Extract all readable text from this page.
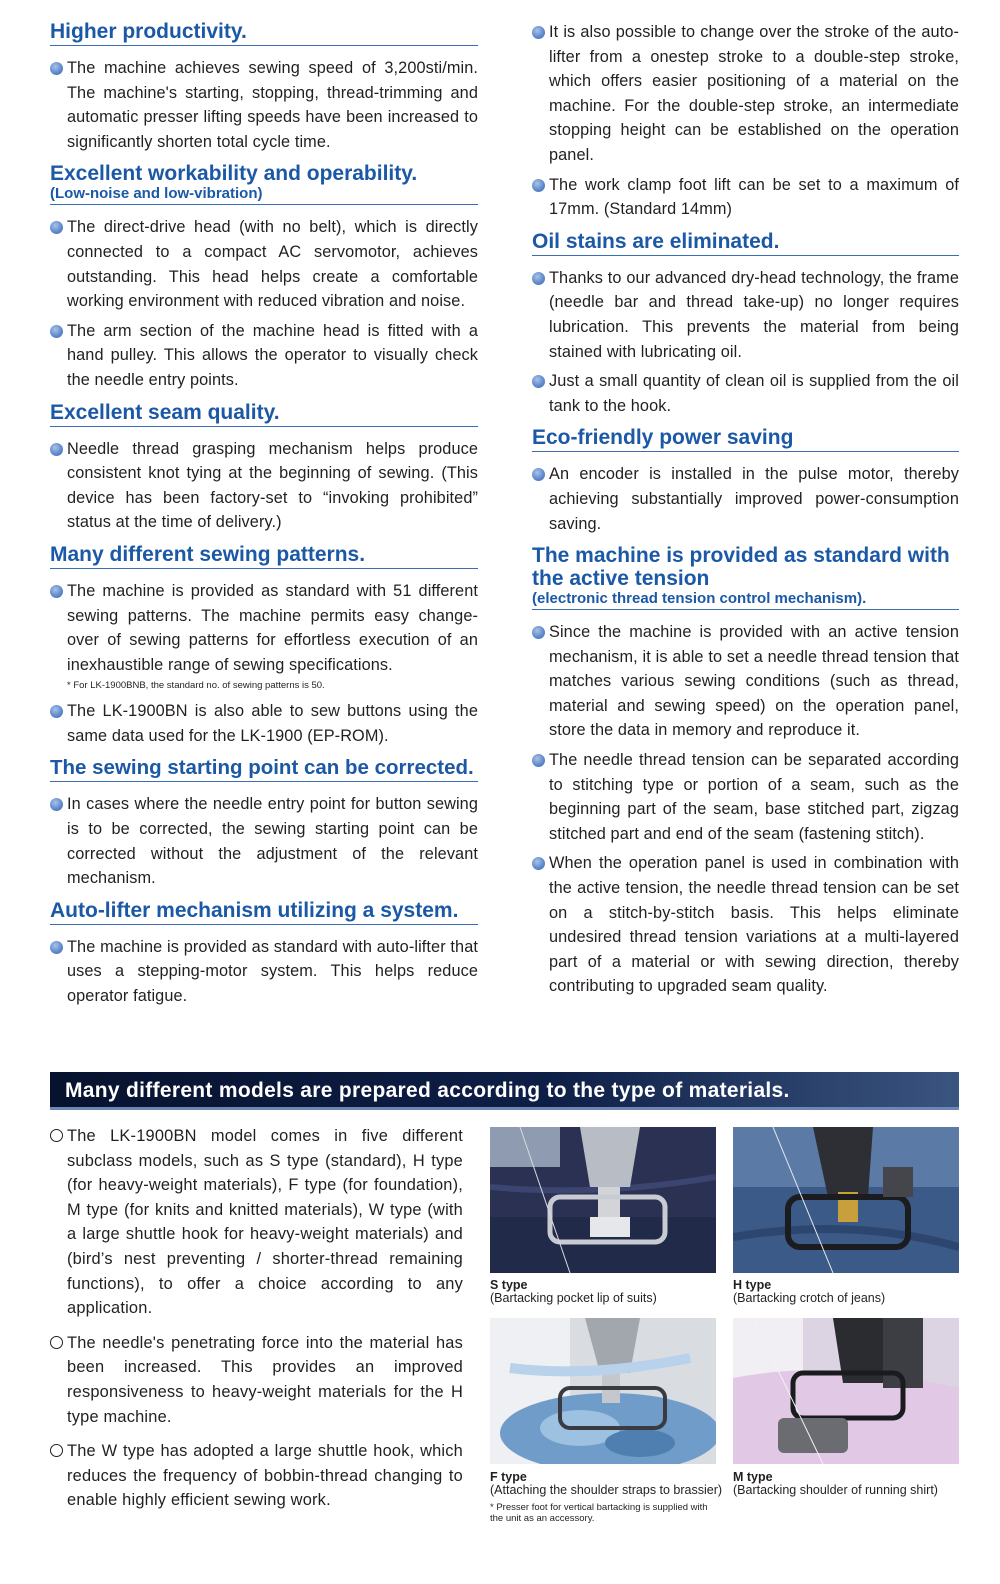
Higher productivity.
The machine achieves sewing speed of 3,200sti/min. The machine's starting, stopping, thread-trimming and automatic presser lifting speeds have been increased to significantly shorten total cycle time.
Excellent workability and operability.
(Low-noise and low-vibration)
The direct-drive head (with no belt), which is directly connected to a compact AC servomotor, achieves outstanding. This head helps create a comfortable working environment with reduced vibration and noise.
The arm section of the machine head is fitted with a hand pulley. This allows the operator to visually check the needle entry points.
Excellent seam quality.
Needle thread grasping mechanism helps produce consistent knot tying at the beginning of sewing. (This device has been factory-set to “invoking prohibited” status at the time of delivery.)
Many different sewing patterns.
The machine is provided as standard with 51 different sewing patterns. The machine permits easy change-over of sewing patterns for effortless execution of an inexhaustible range of sewing specifications.
* For LK-1900BNB, the standard no. of sewing patterns is 50.
The LK-1900BN is also able to sew buttons using the same data used for the LK-1900 (EP-ROM).
The sewing starting point can be corrected.
In cases where the needle entry point for button sewing is to be corrected, the sewing starting point can be corrected without the adjustment of the relevant mechanism.
Auto-lifter mechanism utilizing a system.
The machine is provided as standard with auto-lifter that uses a stepping-motor system. This helps reduce operator fatigue.
It is also possible to change over the stroke of the auto-lifter from a onestep stroke to a double-step stroke, which offers easier positioning of a material on the machine. For the double-step stroke, an intermediate stopping height can be established on the operation panel.
The work clamp foot lift can be set to a maximum of 17mm. (Standard 14mm)
Oil stains are eliminated.
Thanks to our advanced dry-head technology, the frame (needle bar and thread take-up) no longer requires lubrication. This prevents the material from being stained with lubricating oil.
Just a small quantity of clean oil is supplied from the oil tank to the hook.
Eco-friendly power saving
An encoder is installed in the pulse motor, thereby achieving substantially improved power-consumption saving.
The machine is provided as standard with the active tension
(electronic thread tension control mechanism).
Since the machine is provided with an active tension mechanism, it is able to set a needle thread tension that matches various sewing conditions (such as thread, material and sewing speed) on the operation panel, store the data in memory and reproduce it.
The needle thread tension can be separated according to stitching type or portion of a seam, such as the beginning part of the seam, base stitched part, zigzag stitched part and end of the seam (fastening stitch).
When the operation panel is used in combination with the active tension, the needle thread tension can be set on a stitch-by-stitch basis. This helps eliminate undesired thread tension variations at a multi-layered part of a material or with sewing direction, thereby contributing to upgraded seam quality.
Many different models are prepared according to the type of materials.
The LK-1900BN model comes in five different subclass models, such as S type (standard), H type (for heavy-weight materials), F type (for foundation), M type (for knits and knitted materials), W type (with a large shuttle hook for heavy-weight materials) and (bird’s nest preventing / shorter-thread remaining functions), to offer a choice according to any application.
The needle's penetrating force into the material has been increased. This provides an improved responsiveness to heavy-weight materials for the H type machine.
The W type has adopted a large shuttle hook, which reduces the frequency of bobbin-thread changing to enable highly efficient sewing work.
S type
(Bartacking pocket lip of suits)
H type
(Bartacking crotch of jeans)
F type
(Attaching the shoulder straps to brassier)
M type
(Bartacking shoulder of running shirt)
* Presser foot for vertical bartacking is supplied with the unit as an accessory.
